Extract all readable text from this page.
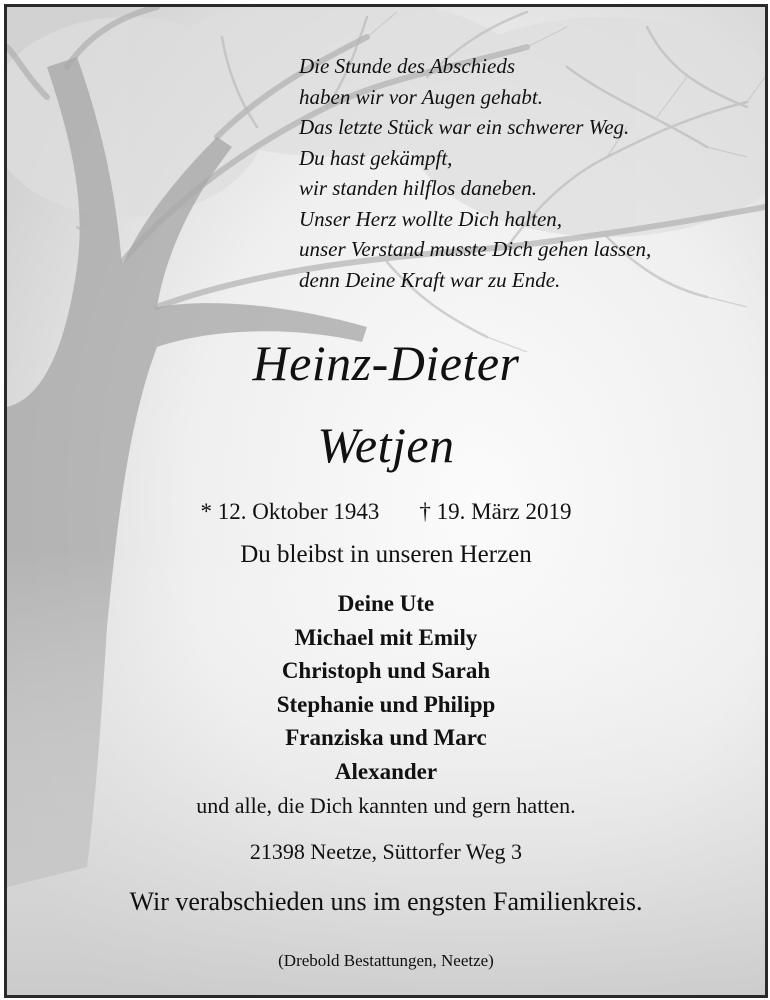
Die Stunde des Abschieds
haben wir vor Augen gehabt.
Das letzte Stück war ein schwerer Weg.
Du hast gekämpft,
wir standen hilflos daneben.
Unser Herz wollte Dich halten,
unser Verstand musste Dich gehen lassen,
denn Deine Kraft war zu Ende.
Heinz-Dieter
Wetjen
* 12. Oktober 1943 † 19. März 2019
Du bleibst in unseren Herzen
Deine Ute
Michael mit Emily
Christoph und Sarah
Stephanie und Philipp
Franziska und Marc
Alexander
und alle, die Dich kannten und gern hatten.
21398 Neetze, Süttorfer Weg 3
Wir verabschieden uns im engsten Familienkreis.
(Drebold Bestattungen, Neetze)
